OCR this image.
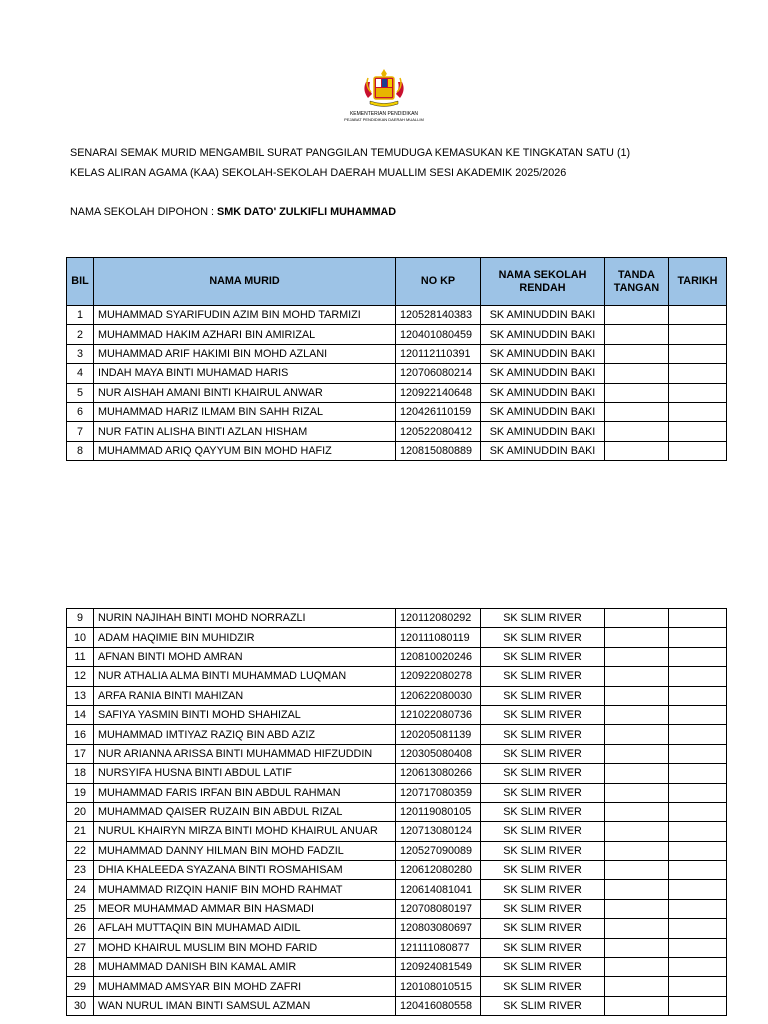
KEMENTERIAN PENDIDIKAN
PEJABAT PENDIDIKAN DAERAH MUALLIM
SENARAI SEMAK MURID MENGAMBIL SURAT PANGGILAN TEMUDUGA KEMASUKAN KE TINGKATAN SATU (1)
KELAS ALIRAN AGAMA (KAA) SEKOLAH-SEKOLAH DAERAH MUALLIM SESI AKADEMIK 2025/2026
NAMA SEKOLAH DIPOHON : SMK DATO' ZULKIFLI MUHAMMAD
BIL	NAMA MURID	NO KP	NAMA SEKOLAH RENDAH	TANDA TANGAN	TARIKH
1	MUHAMMAD SYARIFUDIN AZIM BIN MOHD TARMIZI	120528140383	SK AMINUDDIN BAKI		
2	MUHAMMAD HAKIM AZHARI BIN AMIRIZAL	120401080459	SK AMINUDDIN BAKI		
3	MUHAMMAD ARIF HAKIMI BIN MOHD AZLANI	120112110391	SK AMINUDDIN BAKI		
4	INDAH MAYA BINTI MUHAMAD HARIS	120706080214	SK AMINUDDIN BAKI		
5	NUR AISHAH AMANI BINTI KHAIRUL ANWAR	120922140648	SK AMINUDDIN BAKI		
6	MUHAMMAD HARIZ ILMAM BIN SAHH RIZAL	120426110159	SK AMINUDDIN BAKI		
7	NUR FATIN ALISHA BINTI AZLAN HISHAM	120522080412	SK AMINUDDIN BAKI		
8	MUHAMMAD ARIQ QAYYUM BIN MOHD HAFIZ	120815080889	SK AMINUDDIN BAKI		
9	NURIN NAJIHAH BINTI MOHD NORRAZLI	120112080292	SK SLIM RIVER		
10	ADAM HAQIMIE BIN MUHIDZIR	120111080119	SK SLIM RIVER		
11	AFNAN BINTI MOHD AMRAN	120810020246	SK SLIM RIVER		
12	NUR ATHALIA ALMA BINTI MUHAMMAD LUQMAN	120922080278	SK SLIM RIVER		
13	ARFA RANIA BINTI MAHIZAN	120622080030	SK SLIM RIVER		
14	SAFIYA YASMIN BINTI MOHD SHAHIZAL	121022080736	SK SLIM RIVER		
16	MUHAMMAD IMTIYAZ RAZIQ BIN ABD AZIZ	120205081139	SK SLIM RIVER		
17	NUR ARIANNA ARISSA BINTI MUHAMMAD HIFZUDDIN	120305080408	SK SLIM RIVER		
18	NURSYIFA HUSNA BINTI ABDUL LATIF	120613080266	SK SLIM RIVER		
19	MUHAMMAD FARIS IRFAN BIN ABDUL RAHMAN	120717080359	SK SLIM RIVER		
20	MUHAMMAD QAISER RUZAIN BIN ABDUL RIZAL	120119080105	SK SLIM RIVER		
21	NURUL KHAIRYN MIRZA BINTI MOHD KHAIRUL ANUAR	120713080124	SK SLIM RIVER		
22	MUHAMMAD DANNY HILMAN BIN MOHD FADZIL	120527090089	SK SLIM RIVER		
23	DHIA KHALEEDA SYAZANA BINTI ROSMAHISAM	120612080280	SK SLIM RIVER		
24	MUHAMMAD RIZQIN HANIF BIN MOHD RAHMAT	120614081041	SK SLIM RIVER		
25	MEOR MUHAMMAD AMMAR BIN HASMADI	120708080197	SK SLIM RIVER		
26	AFLAH MUTTAQIN BIN MUHAMAD AIDIL	120803080697	SK SLIM RIVER		
27	MOHD KHAIRUL MUSLIM BIN MOHD FARID	121111080877	SK SLIM RIVER		
28	MUHAMMAD DANISH BIN KAMAL AMIR	120924081549	SK SLIM RIVER		
29	MUHAMMAD AMSYAR BIN MOHD ZAFRI	120108010515	SK SLIM RIVER		
30	WAN NURUL IMAN BINTI SAMSUL AZMAN	120416080558	SK SLIM RIVER		
